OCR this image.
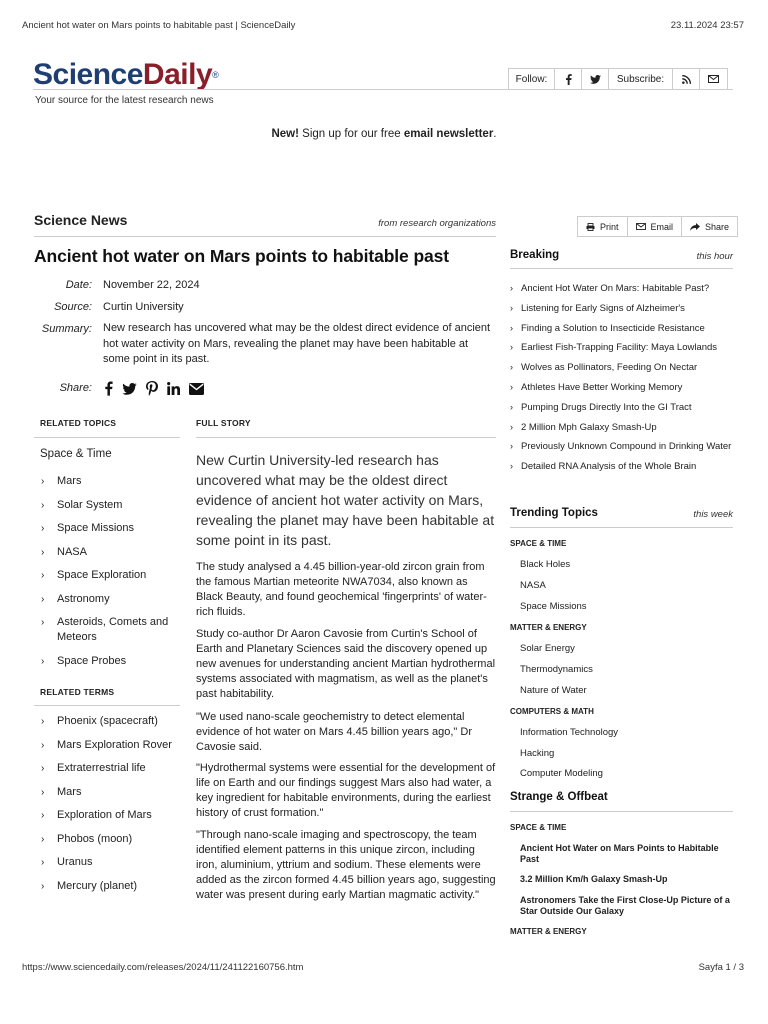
Ancient hot water on Mars points to habitable past | ScienceDaily	23.11.2024 23:57
ScienceDaily®
Your source for the latest research news
Follow:	Subscribe:
New! Sign up for our free email newsletter.
Science News	from research organizations	Print	Email	Share
Ancient hot water on Mars points to habitable past
Date: November 22, 2024
Source: Curtin University
Summary: New research has uncovered what may be the oldest direct evidence of ancient hot water activity on Mars, revealing the planet may have been habitable at some point in its past.
Share:
RELATED TOPICS
Space & Time
› Mars
› Solar System
› Space Missions
› NASA
› Space Exploration
› Astronomy
› Asteroids, Comets and Meteors
› Space Probes
RELATED TERMS
› Phoenix (spacecraft)
› Mars Exploration Rover
› Extraterrestrial life
› Mars
› Exploration of Mars
› Phobos (moon)
› Uranus
› Mercury (planet)
FULL STORY
New Curtin University-led research has uncovered what may be the oldest direct evidence of ancient hot water activity on Mars, revealing the planet may have been habitable at some point in its past.
The study analysed a 4.45 billion-year-old zircon grain from the famous Martian meteorite NWA7034, also known as Black Beauty, and found geochemical 'fingerprints' of water-rich fluids.
Study co-author Dr Aaron Cavosie from Curtin's School of Earth and Planetary Sciences said the discovery opened up new avenues for understanding ancient Martian hydrothermal systems associated with magmatism, as well as the planet's past habitability.
"We used nano-scale geochemistry to detect elemental evidence of hot water on Mars 4.45 billion years ago," Dr Cavosie said.
"Hydrothermal systems were essential for the development of life on Earth and our findings suggest Mars also had water, a key ingredient for habitable environments, during the earliest history of crust formation."
"Through nano-scale imaging and spectroscopy, the team identified element patterns in this unique zircon, including iron, aluminium, yttrium and sodium. These elements were added as the zircon formed 4.45 billion years ago, suggesting water was present during early Martian magmatic activity."
Breaking	this hour
› Ancient Hot Water On Mars: Habitable Past?
› Listening for Early Signs of Alzheimer's
› Finding a Solution to Insecticide Resistance
› Earliest Fish-Trapping Facility: Maya Lowlands
› Wolves as Pollinators, Feeding On Nectar
› Athletes Have Better Working Memory
› Pumping Drugs Directly Into the GI Tract
› 2 Million Mph Galaxy Smash-Up
› Previously Unknown Compound in Drinking Water
› Detailed RNA Analysis of the Whole Brain
Trending Topics	this week
SPACE & TIME
Black Holes
NASA
Space Missions
MATTER & ENERGY
Solar Energy
Thermodynamics
Nature of Water
COMPUTERS & MATH
Information Technology
Hacking
Computer Modeling
Strange & Offbeat
SPACE & TIME
Ancient Hot Water on Mars Points to Habitable Past
3.2 Million Km/h Galaxy Smash-Up
Astronomers Take the First Close-Up Picture of a Star Outside Our Galaxy
MATTER & ENERGY
https://www.sciencedaily.com/releases/2024/11/241122160756.htm	Sayfa 1 / 3
